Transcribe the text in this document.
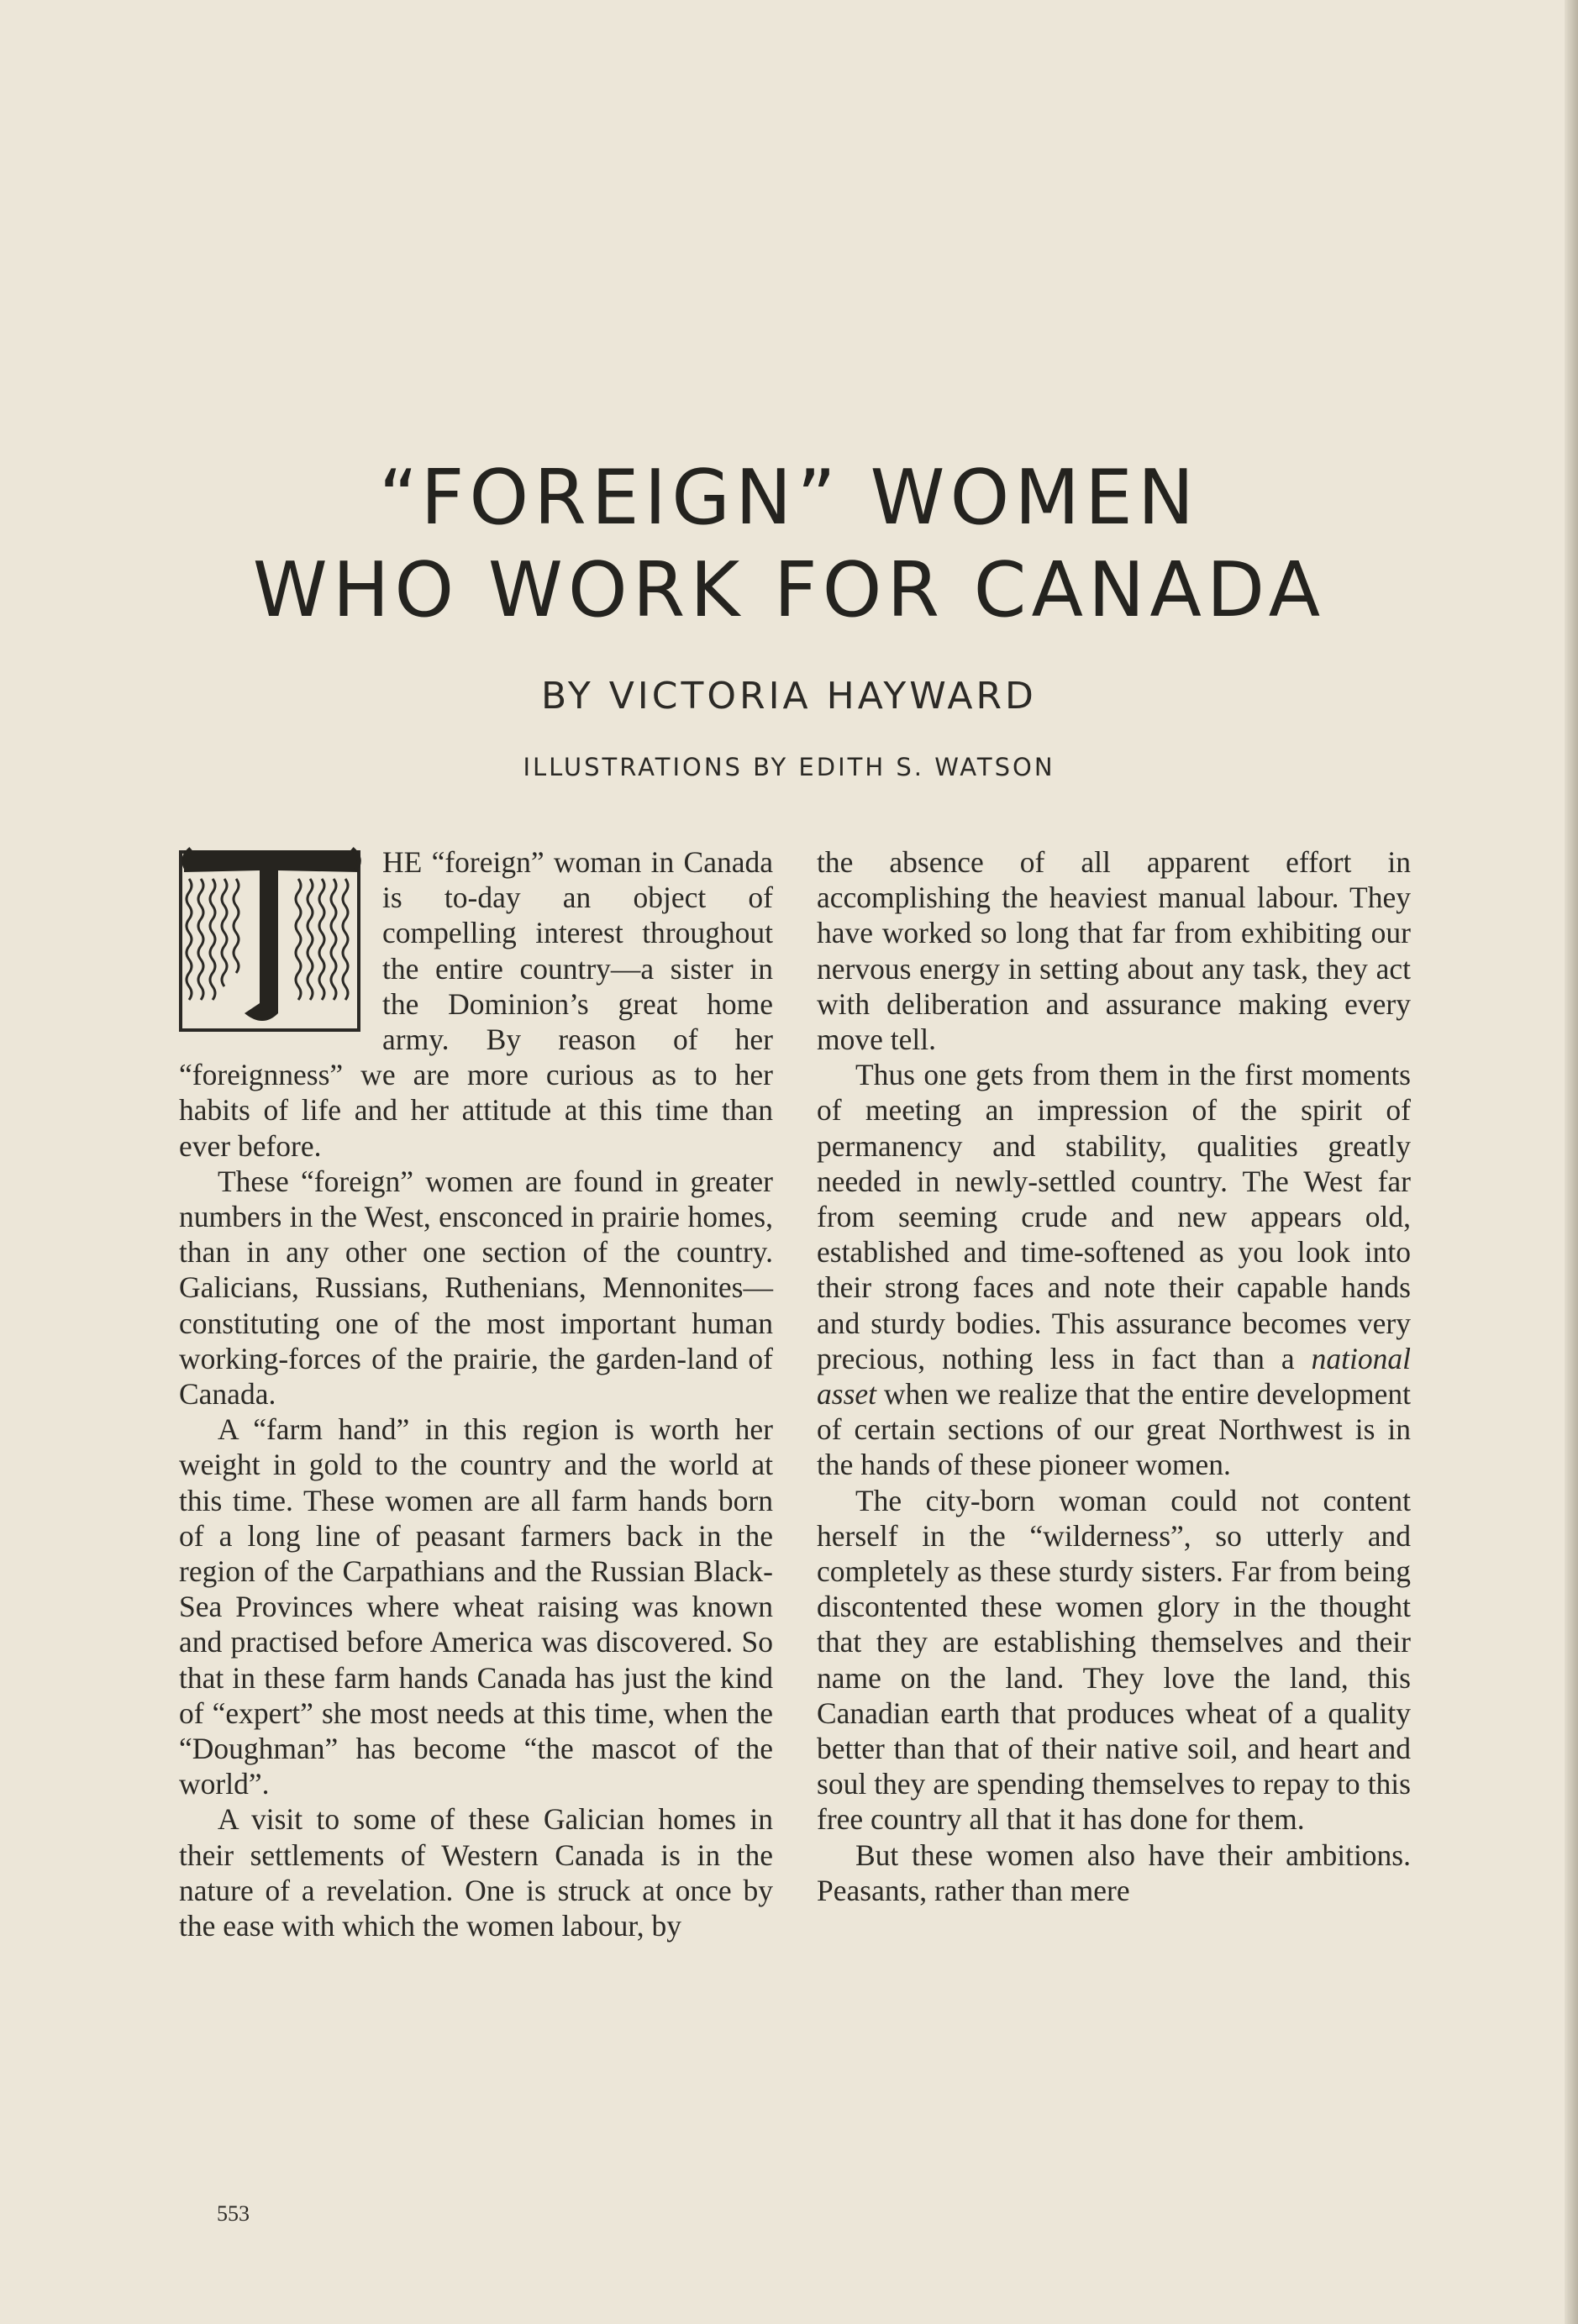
“FOREIGN” WOMEN
WHO WORK FOR CANADA
BY VICTORIA HAYWARD
ILLUSTRATIONS BY EDITH S. WATSON

HE “foreign” woman in Canada is to-day an object of compelling interest throughout the entire country—a sister in the Dominion’s great home army. By reason of her “foreignness” we are more curious as to her habits of life and her attitude at this time than ever before.

These “foreign” women are found in greater numbers in the West, ensconced in prairie homes, than in any other one section of the country. Galicians, Russians, Ruthenians, Mennonites—constituting one of the most important human working-forces of the prairie, the garden-land of Canada.

A “farm hand” in this region is worth her weight in gold to the country and the world at this time. These women are all farm hands born of a long line of peasant farmers back in the region of the Carpathians and the Russian Black-Sea Provinces where wheat raising was known and practised before America was discovered. So that in these farm hands Canada has just the kind of “expert” she most needs at this time, when the “Doughman” has become “the mascot of the world”.

A visit to some of these Galician homes in their settlements of Western Canada is in the nature of a revelation. One is struck at once by the ease with which the women labour, by

the absence of all apparent effort in accomplishing the heaviest manual labour. They have worked so long that far from exhibiting our nervous energy in setting about any task, they act with deliberation and assurance making every move tell.

Thus one gets from them in the first moments of meeting an impression of the spirit of permanency and stability, qualities greatly needed in newly-settled country. The West far from seeming crude and new appears old, established and time-softened as you look into their strong faces and note their capable hands and sturdy bodies. This assurance becomes very precious, nothing less in fact than a national asset when we realize that the entire development of certain sections of our great Northwest is in the hands of these pioneer women.

The city-born woman could not content herself in the “wilderness”, so utterly and completely as these sturdy sisters. Far from being discontented these women glory in the thought that they are establishing themselves and their name on the land. They love the land, this Canadian earth that produces wheat of a quality better than that of their native soil, and heart and soul they are spending themselves to repay to this free country all that it has done for them.

But these women also have their ambitions. Peasants, rather than mere

553
